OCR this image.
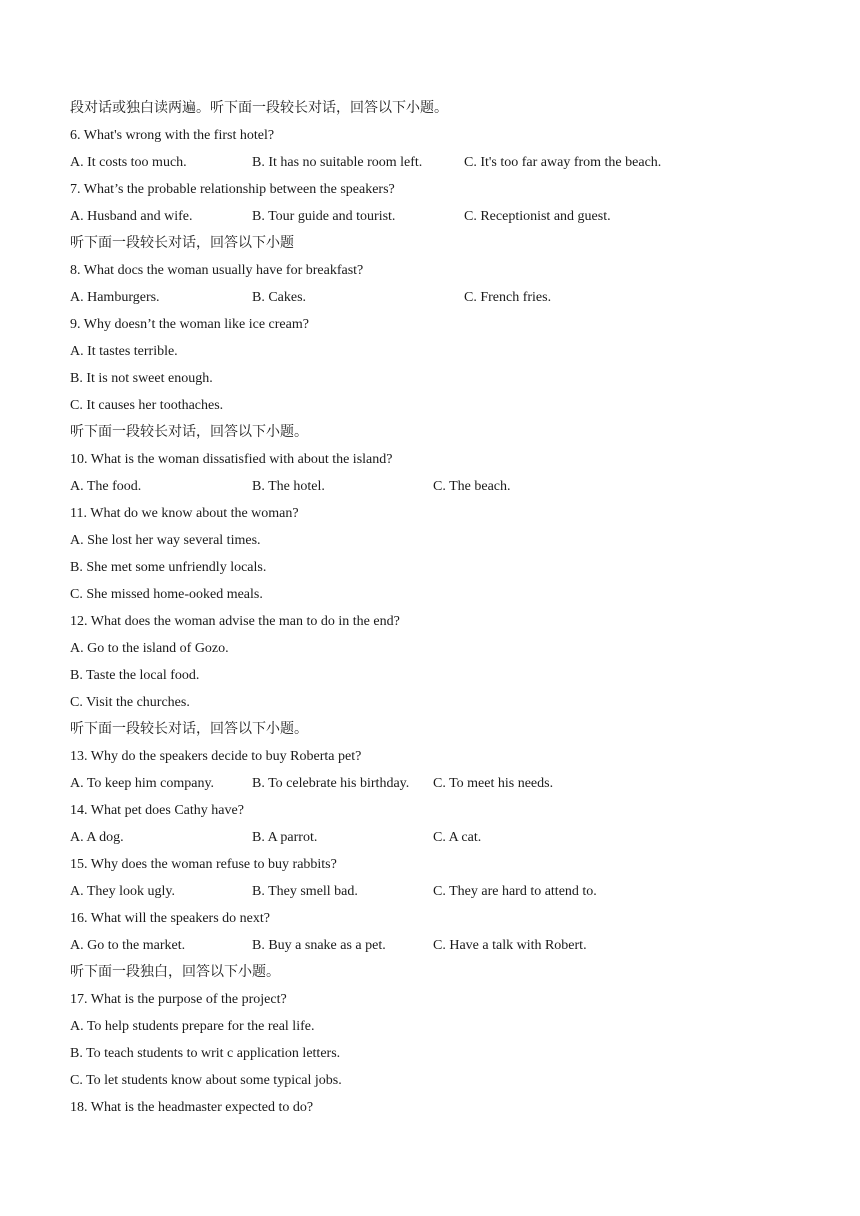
段对话或独白读两遍。听下面一段较长对话，回答以下小题。
6. What's wrong with the first hotel?
A. It costs too much.	B. It has no suitable room left.	C. It's too far away from the beach.
7. What’s the probable relationship between the speakers?
A. Husband and wife.	B. Tour guide and tourist.	C. Receptionist and guest.
听下面一段较长对话，回答以下小题
8. What docs the woman usually have for breakfast?
A. Hamburgers.	B. Cakes.	C. French fries.
9. Why doesn’t the woman like ice cream?
A. It tastes terrible.
B. It is not sweet enough.
C. It causes her toothaches.
听下面一段较长对话，回答以下小题。
10. What is the woman dissatisfied with about the island?
A. The food.	B. The hotel.	C. The beach.
11. What do we know about the woman?
A. She lost her way several times.
B. She met some unfriendly locals.
C. She missed home-ooked meals.
12. What does the woman advise the man to do in the end?
A. Go to the island of Gozo.
B. Taste the local food.
C. Visit the churches.
听下面一段较长对话，回答以下小题。
13. Why do the speakers decide to buy Roberta pet?
A. To keep him company.	B. To celebrate his birthday. C. To meet his needs.
14. What pet does Cathy have?
A. A dog.	B. A parrot.	C. A cat.
15. Why does the woman refuse to buy rabbits?
A. They look ugly.	B. They smell bad.	C. They are hard to attend to.
16. What will the speakers do next?
A. Go to the market.	B. Buy a snake as a pet.	C. Have a talk with Robert.
听下面一段独白，回答以下小题。
17. What is the purpose of the project?
A. To help students prepare for the real life.
B. To teach students to writ c application letters.
C. To let students know about some typical jobs.
18. What is the headmaster expected to do?
